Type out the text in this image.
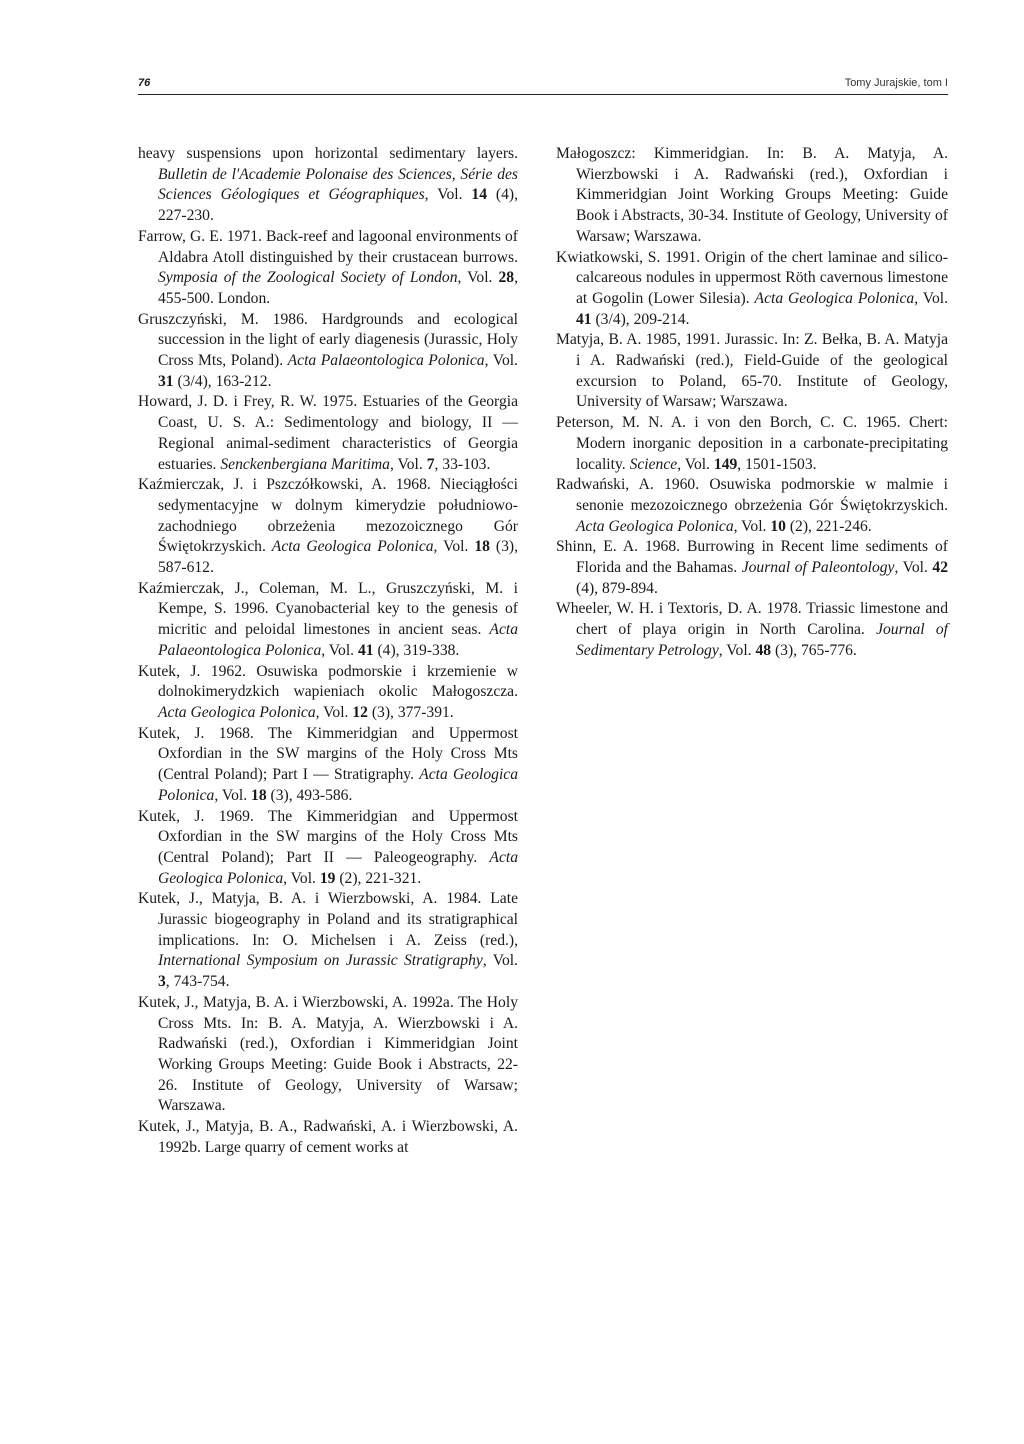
76	Tomy Jurajskie, tom I

heavy suspensions upon horizontal sedimentary layers. Bulletin de l'Academie Polonaise des Sciences, Série des Sciences Géologiques et Géographiques, Vol. 14 (4), 227-230.

Farrow, G. E. 1971. Back-reef and lagoonal environments of Aldabra Atoll distinguished by their crustacean burrows. Symposia of the Zoological Society of London, Vol. 28, 455-500. London.

Gruszczyński, M. 1986. Hardgrounds and ecological succession in the light of early diagenesis (Jurassic, Holy Cross Mts, Poland). Acta Palaeontologica Polonica, Vol. 31 (3/4), 163-212.

Howard, J. D. i Frey, R. W. 1975. Estuaries of the Georgia Coast, U. S. A.: Sedimentology and biology, II — Regional animal-sediment characteristics of Georgia estuaries. Senckenbergiana Maritima, Vol. 7, 33-103.

Kaźmierczak, J. i Pszczółkowski, A. 1968. Nieciągłości sedymentacyjne w dolnym kimerydzie południowo-zachodniego obrzeżenia mezozoicznego Gór Świętokrzyskich. Acta Geologica Polonica, Vol. 18 (3), 587-612.

Kaźmierczak, J., Coleman, M. L., Gruszczyński, M. i Kempe, S. 1996. Cyanobacterial key to the genesis of micritic and peloidal limestones in ancient seas. Acta Palaeontologica Polonica, Vol. 41 (4), 319-338.

Kutek, J. 1962. Osuwiska podmorskie i krzemienie w dolnokimerydzkich wapieniach okolic Małogoszcza. Acta Geologica Polonica, Vol. 12 (3), 377-391.

Kutek, J. 1968. The Kimmeridgian and Uppermost Oxfordian in the SW margins of the Holy Cross Mts (Central Poland); Part I — Stratigraphy. Acta Geologica Polonica, Vol. 18 (3), 493-586.

Kutek, J. 1969. The Kimmeridgian and Uppermost Oxfordian in the SW margins of the Holy Cross Mts (Central Poland); Part II — Paleogeography. Acta Geologica Polonica, Vol. 19 (2), 221-321.

Kutek, J., Matyja, B. A. i Wierzbowski, A. 1984. Late Jurassic biogeography in Poland and its stratigraphical implications. In: O. Michelsen i A. Zeiss (red.), International Symposium on Jurassic Stratigraphy, Vol. 3, 743-754.

Kutek, J., Matyja, B. A. i Wierzbowski, A. 1992a. The Holy Cross Mts. In: B. A. Matyja, A. Wierzbowski i A. Radwański (red.), Oxfordian i Kimmeridgian Joint Working Groups Meeting: Guide Book i Abstracts, 22-26. Institute of Geology, University of Warsaw; Warszawa.

Kutek, J., Matyja, B. A., Radwański, A. i Wierzbowski, A. 1992b. Large quarry of cement works at

Małogoszcz: Kimmeridgian. In: B. A. Matyja, A. Wierzbowski i A. Radwański (red.), Oxfordian i Kimmeridgian Joint Working Groups Meeting: Guide Book i Abstracts, 30-34. Institute of Geology, University of Warsaw; Warszawa.

Kwiatkowski, S. 1991. Origin of the chert laminae and silico-calcareous nodules in uppermost Röth cavernous limestone at Gogolin (Lower Silesia). Acta Geologica Polonica, Vol. 41 (3/4), 209-214.

Matyja, B. A. 1985, 1991. Jurassic. In: Z. Bełka, B. A. Matyja i A. Radwański (red.), Field-Guide of the geological excursion to Poland, 65-70. Institute of Geology, University of Warsaw; Warszawa.

Peterson, M. N. A. i von den Borch, C. C. 1965. Chert: Modern inorganic deposition in a carbonate-precipitating locality. Science, Vol. 149, 1501-1503.

Radwański, A. 1960. Osuwiska podmorskie w malmie i senonie mezozoicznego obrzeżenia Gór Świętokrzyskich. Acta Geologica Polonica, Vol. 10 (2), 221-246.

Shinn, E. A. 1968. Burrowing in Recent lime sediments of Florida and the Bahamas. Journal of Paleontology, Vol. 42 (4), 879-894.

Wheeler, W. H. i Textoris, D. A. 1978. Triassic limestone and chert of playa origin in North Carolina. Journal of Sedimentary Petrology, Vol. 48 (3), 765-776.
